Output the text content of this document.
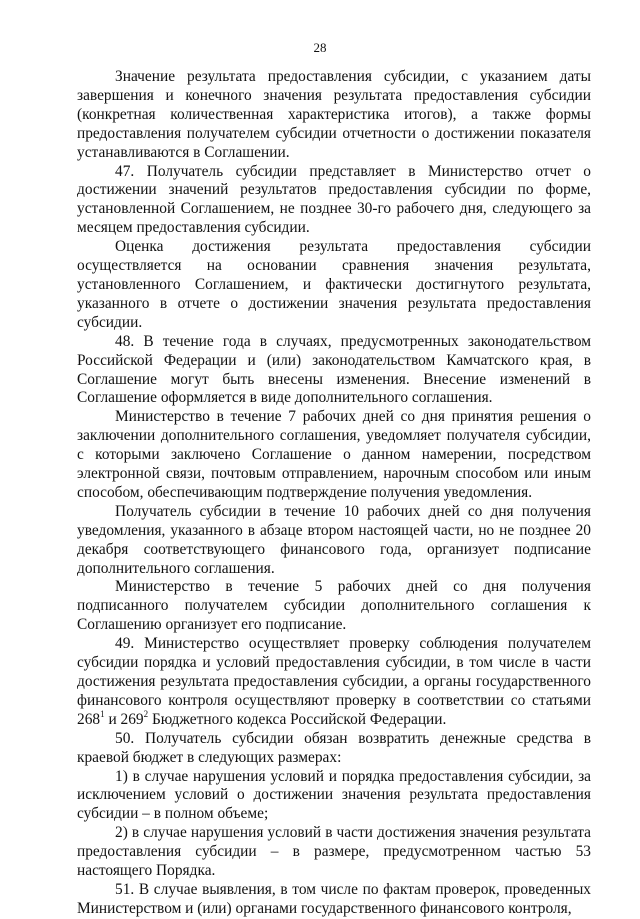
28

Значение результата предоставления субсидии, с указанием даты завершения и конечного значения результата предоставления субсидии (конкретная количественная характеристика итогов), а также формы предоставления получателем субсидии отчетности о достижении показателя устанавливаются в Соглашении.

47. Получатель субсидии представляет в Министерство отчет о достижении значений результатов предоставления субсидии по форме, установленной Соглашением, не позднее 30-го рабочего дня, следующего за месяцем предоставления субсидии.

Оценка достижения результата предоставления субсидии осуществляется на основании сравнения значения результата, установленного Соглашением, и фактически достигнутого результата, указанного в отчете о достижении значения результата предоставления субсидии.

48. В течение года в случаях, предусмотренных законодательством Российской Федерации и (или) законодательством Камчатского края, в Соглашение могут быть внесены изменения. Внесение изменений в Соглашение оформляется в виде дополнительного соглашения.

Министерство в течение 7 рабочих дней со дня принятия решения о заключении дополнительного соглашения, уведомляет получателя субсидии, с которыми заключено Соглашение о данном намерении, посредством электронной связи, почтовым отправлением, нарочным способом или иным способом, обеспечивающим подтверждение получения уведомления.

Получатель субсидии в течение 10 рабочих дней со дня получения уведомления, указанного в абзаце втором настоящей части, но не позднее 20 декабря соответствующего финансового года, организует подписание дополнительного соглашения.

Министерство в течение 5 рабочих дней со дня получения подписанного получателем субсидии дополнительного соглашения к Соглашению организует его подписание.

49. Министерство осуществляет проверку соблюдения получателем субсидии порядка и условий предоставления субсидии, в том числе в части достижения результата предоставления субсидии, а органы государственного финансового контроля осуществляют проверку в соответствии со статьями $268^1$ и $269^2$ Бюджетного кодекса Российской Федерации.

50. Получатель субсидии обязан возвратить денежные средства в краевой бюджет в следующих размерах:

1) в случае нарушения условий и порядка предоставления субсидии, за исключением условий о достижении значения результата предоставления субсидии – в полном объеме;

2) в случае нарушения условий в части достижения значения результата предоставления субсидии – в размере, предусмотренном частью 53 настоящего Порядка.

51. В случае выявления, в том числе по фактам проверок, проведенных Министерством и (или) органами государственного финансового контроля,
